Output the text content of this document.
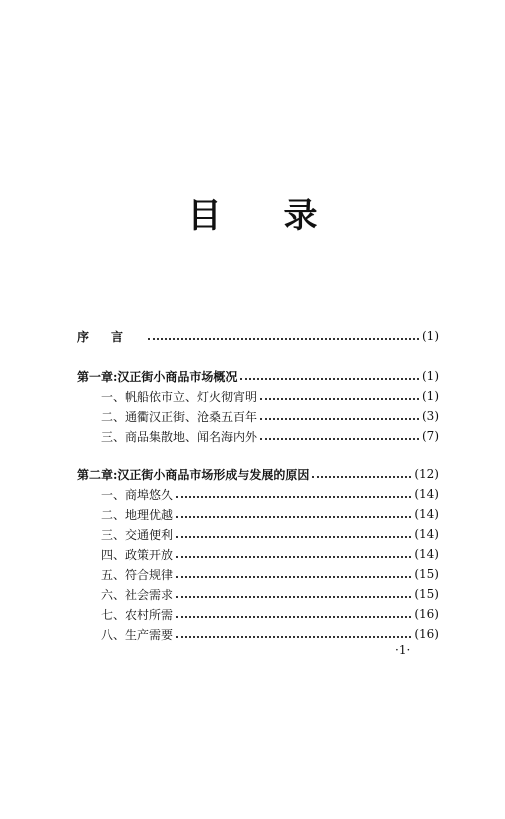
目 录
序言	(1)
第一章:汉正街小商品市场概况	(1)
一、帆船依市立、灯火彻宵明	(1)
二、通衢汉正街、沧桑五百年	(3)
三、商品集散地、闻名海内外	(7)
第二章:汉正街小商品市场形成与发展的原因	(12)
一、商埠悠久	(14)
二、地理优越	(14)
三、交通便利	(14)
四、政策开放	(14)
五、符合规律	(15)
六、社会需求	(15)
七、农村所需	(16)
八、生产需要	(16)
·1·
